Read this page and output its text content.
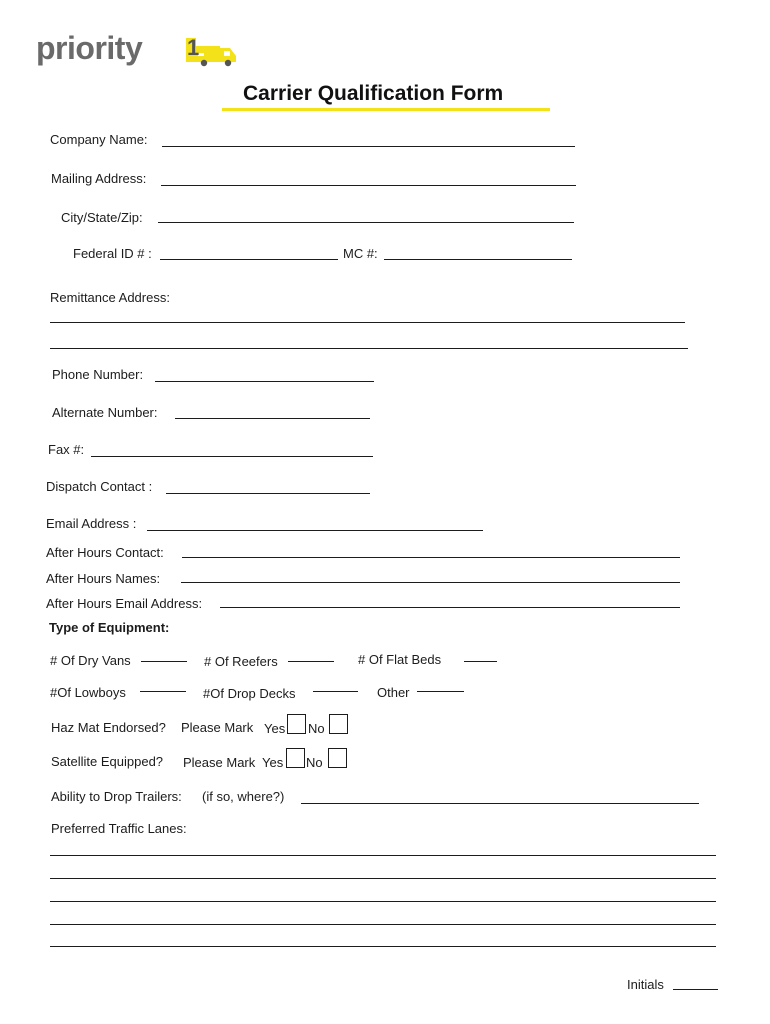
priority 1
Carrier Qualification Form
Company Name:
Mailing Address:
City/State/Zip:
Federal ID # :	MC #:
Remittance Address:
Phone Number:
Alternate Number:
Fax #:
Dispatch Contact :
Email Address :
After Hours Contact:
After Hours Names:
After Hours Email Address:
Type of Equipment:
# Of Dry Vans	# Of Reefers	# Of Flat Beds
#Of Lowboys	#Of Drop Decks	Other
Haz Mat Endorsed? Please Mark Yes No
Satellite Equipped? Please Mark Yes No
Ability to Drop Trailers: (if so, where?)
Preferred Traffic Lanes:
Initials
